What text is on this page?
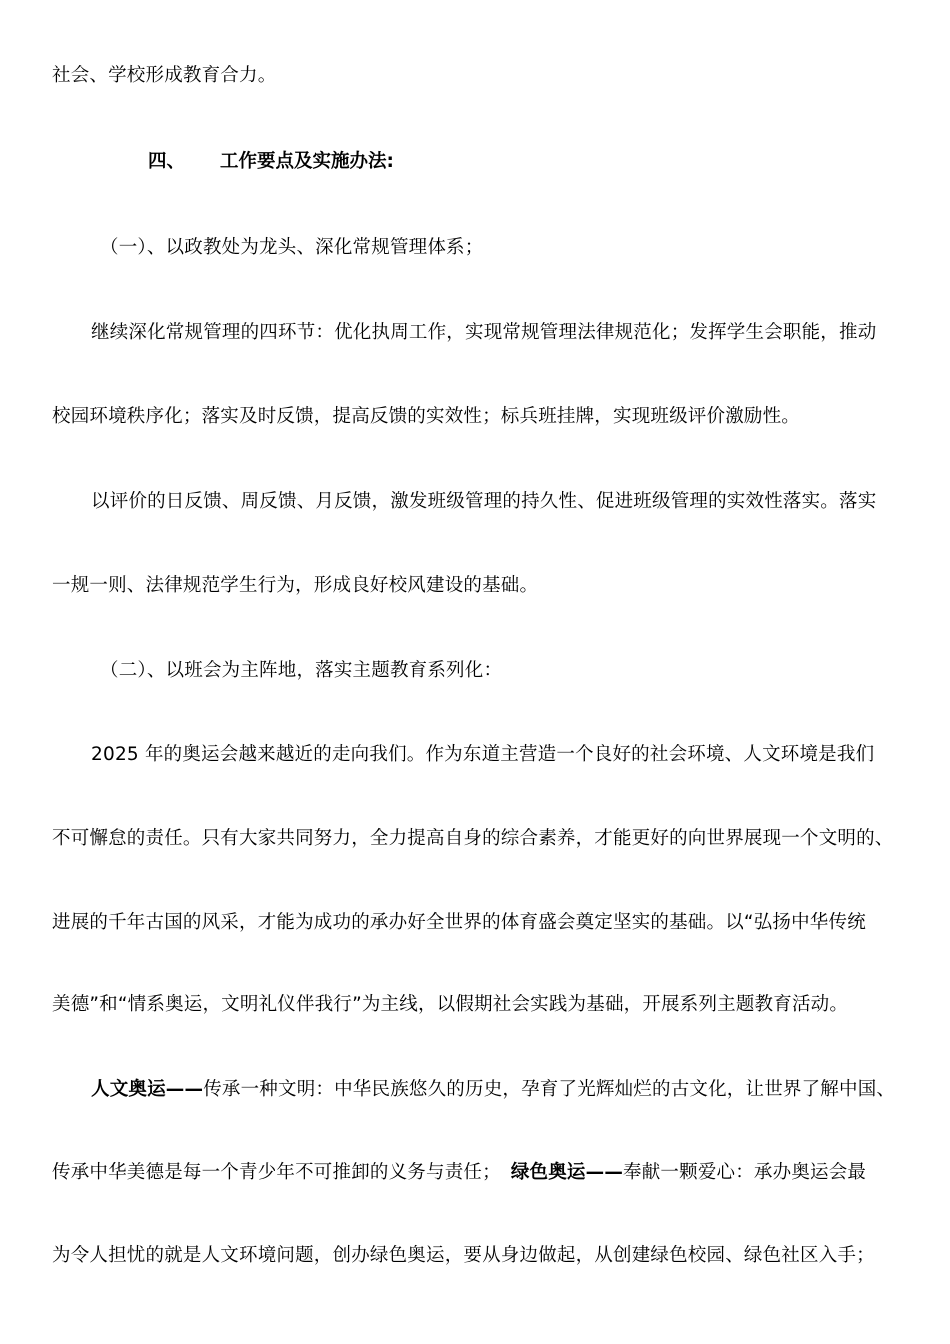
社会、学校形成教育合力。
四、 工作要点及实施办法:
（一）、以政教处为龙头、深化常规管理体系；
继续深化常规管理的四环节：优化执周工作，实现常规管理法律规范化；发挥学生会职能，推动
校园环境秩序化；落实及时反馈，提高反馈的实效性；标兵班挂牌，实现班级评价激励性。
以评价的日反馈、周反馈、月反馈，激发班级管理的持久性、促进班级管理的实效性落实。落实
一规一则、法律规范学生行为，形成良好校风建设的基础。
（二）、以班会为主阵地，落实主题教育系列化：
2025 年的奥运会越来越近的走向我们。作为东道主营造一个良好的社会环境、人文环境是我们
不可懈怠的责任。只有大家共同努力，全力提高自身的综合素养，才能更好的向世界展现一个文明的、
进展的千年古国的风采，才能为成功的承办好全世界的体育盛会奠定坚实的基础。以“弘扬中华传统
美德”和“情系奥运，文明礼仪伴我行”为主线，以假期社会实践为基础，开展系列主题教育活动。
人文奥运——传承一种文明：中华民族悠久的历史，孕育了光辉灿烂的古文化，让世界了解中国、
传承中华美德是每一个青少年不可推卸的义务与责任； 绿色奥运——奉献一颗爱心：承办奥运会最
为令人担忧的就是人文环境问题，创办绿色奥运，要从身边做起，从创建绿色校园、绿色社区入手；
